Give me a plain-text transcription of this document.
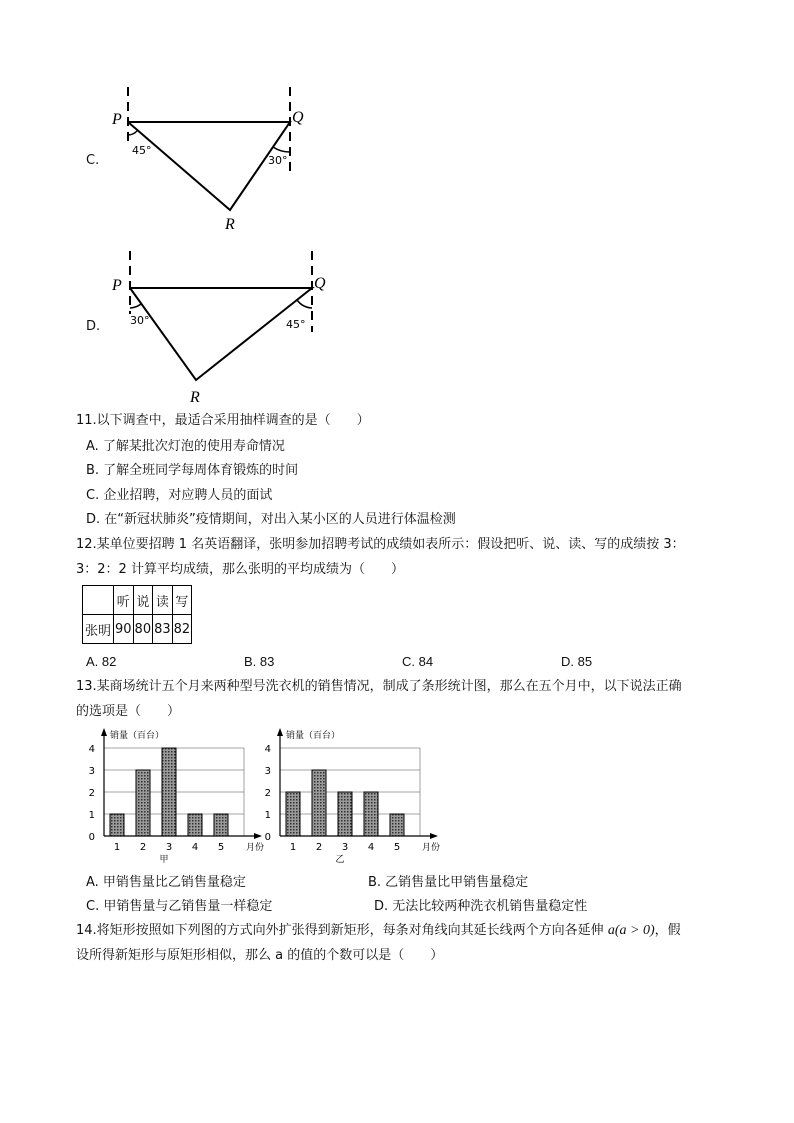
C.
P	Q
R
45°
30°
D.
P	Q
R
30°	45°
11.以下调查中，最适合采用抽样调查的是（　　）
A. 了解某批次灯泡的使用寿命情况
B. 了解全班同学每周体育锻炼的时间
C. 企业招聘，对应聘人员的面试
D. 在“新冠状肺炎”疫情期间，对出入某小区的人员进行体温检测
12.某单位要招聘 1 名英语翻译，张明参加招聘考试的成绩如表所示：假设把听、说、读、写的成绩按 3：
3：2：2 计算平均成绩，那么张明的平均成绩为（　　）
	听	说	读	写
张明	90	80	83	82
A. 82	B. 83	C. 84	D. 85
13.某商场统计五个月来两种型号洗衣机的销售情况，制成了条形统计图，那么在五个月中，以下说法正确
的选项是（　　）
0
1
2
3
4
销量（百台）
1 2 3 4 5 月份
甲
0
1
2
3
4
销量（百台）
1 2 3 4 5 月份
乙
A. 甲销售量比乙销售量稳定	B. 乙销售量比甲销售量稳定
C. 甲销售量与乙销售量一样稳定	D. 无法比较两种洗衣机销售量稳定性
14.将矩形按照如下列图的方式向外扩张得到新矩形，每条对角线向其延长线两个方向各延伸 a(a > 0)，假
设所得新矩形与原矩形相似，那么 a 的值的个数可以是（　　）
